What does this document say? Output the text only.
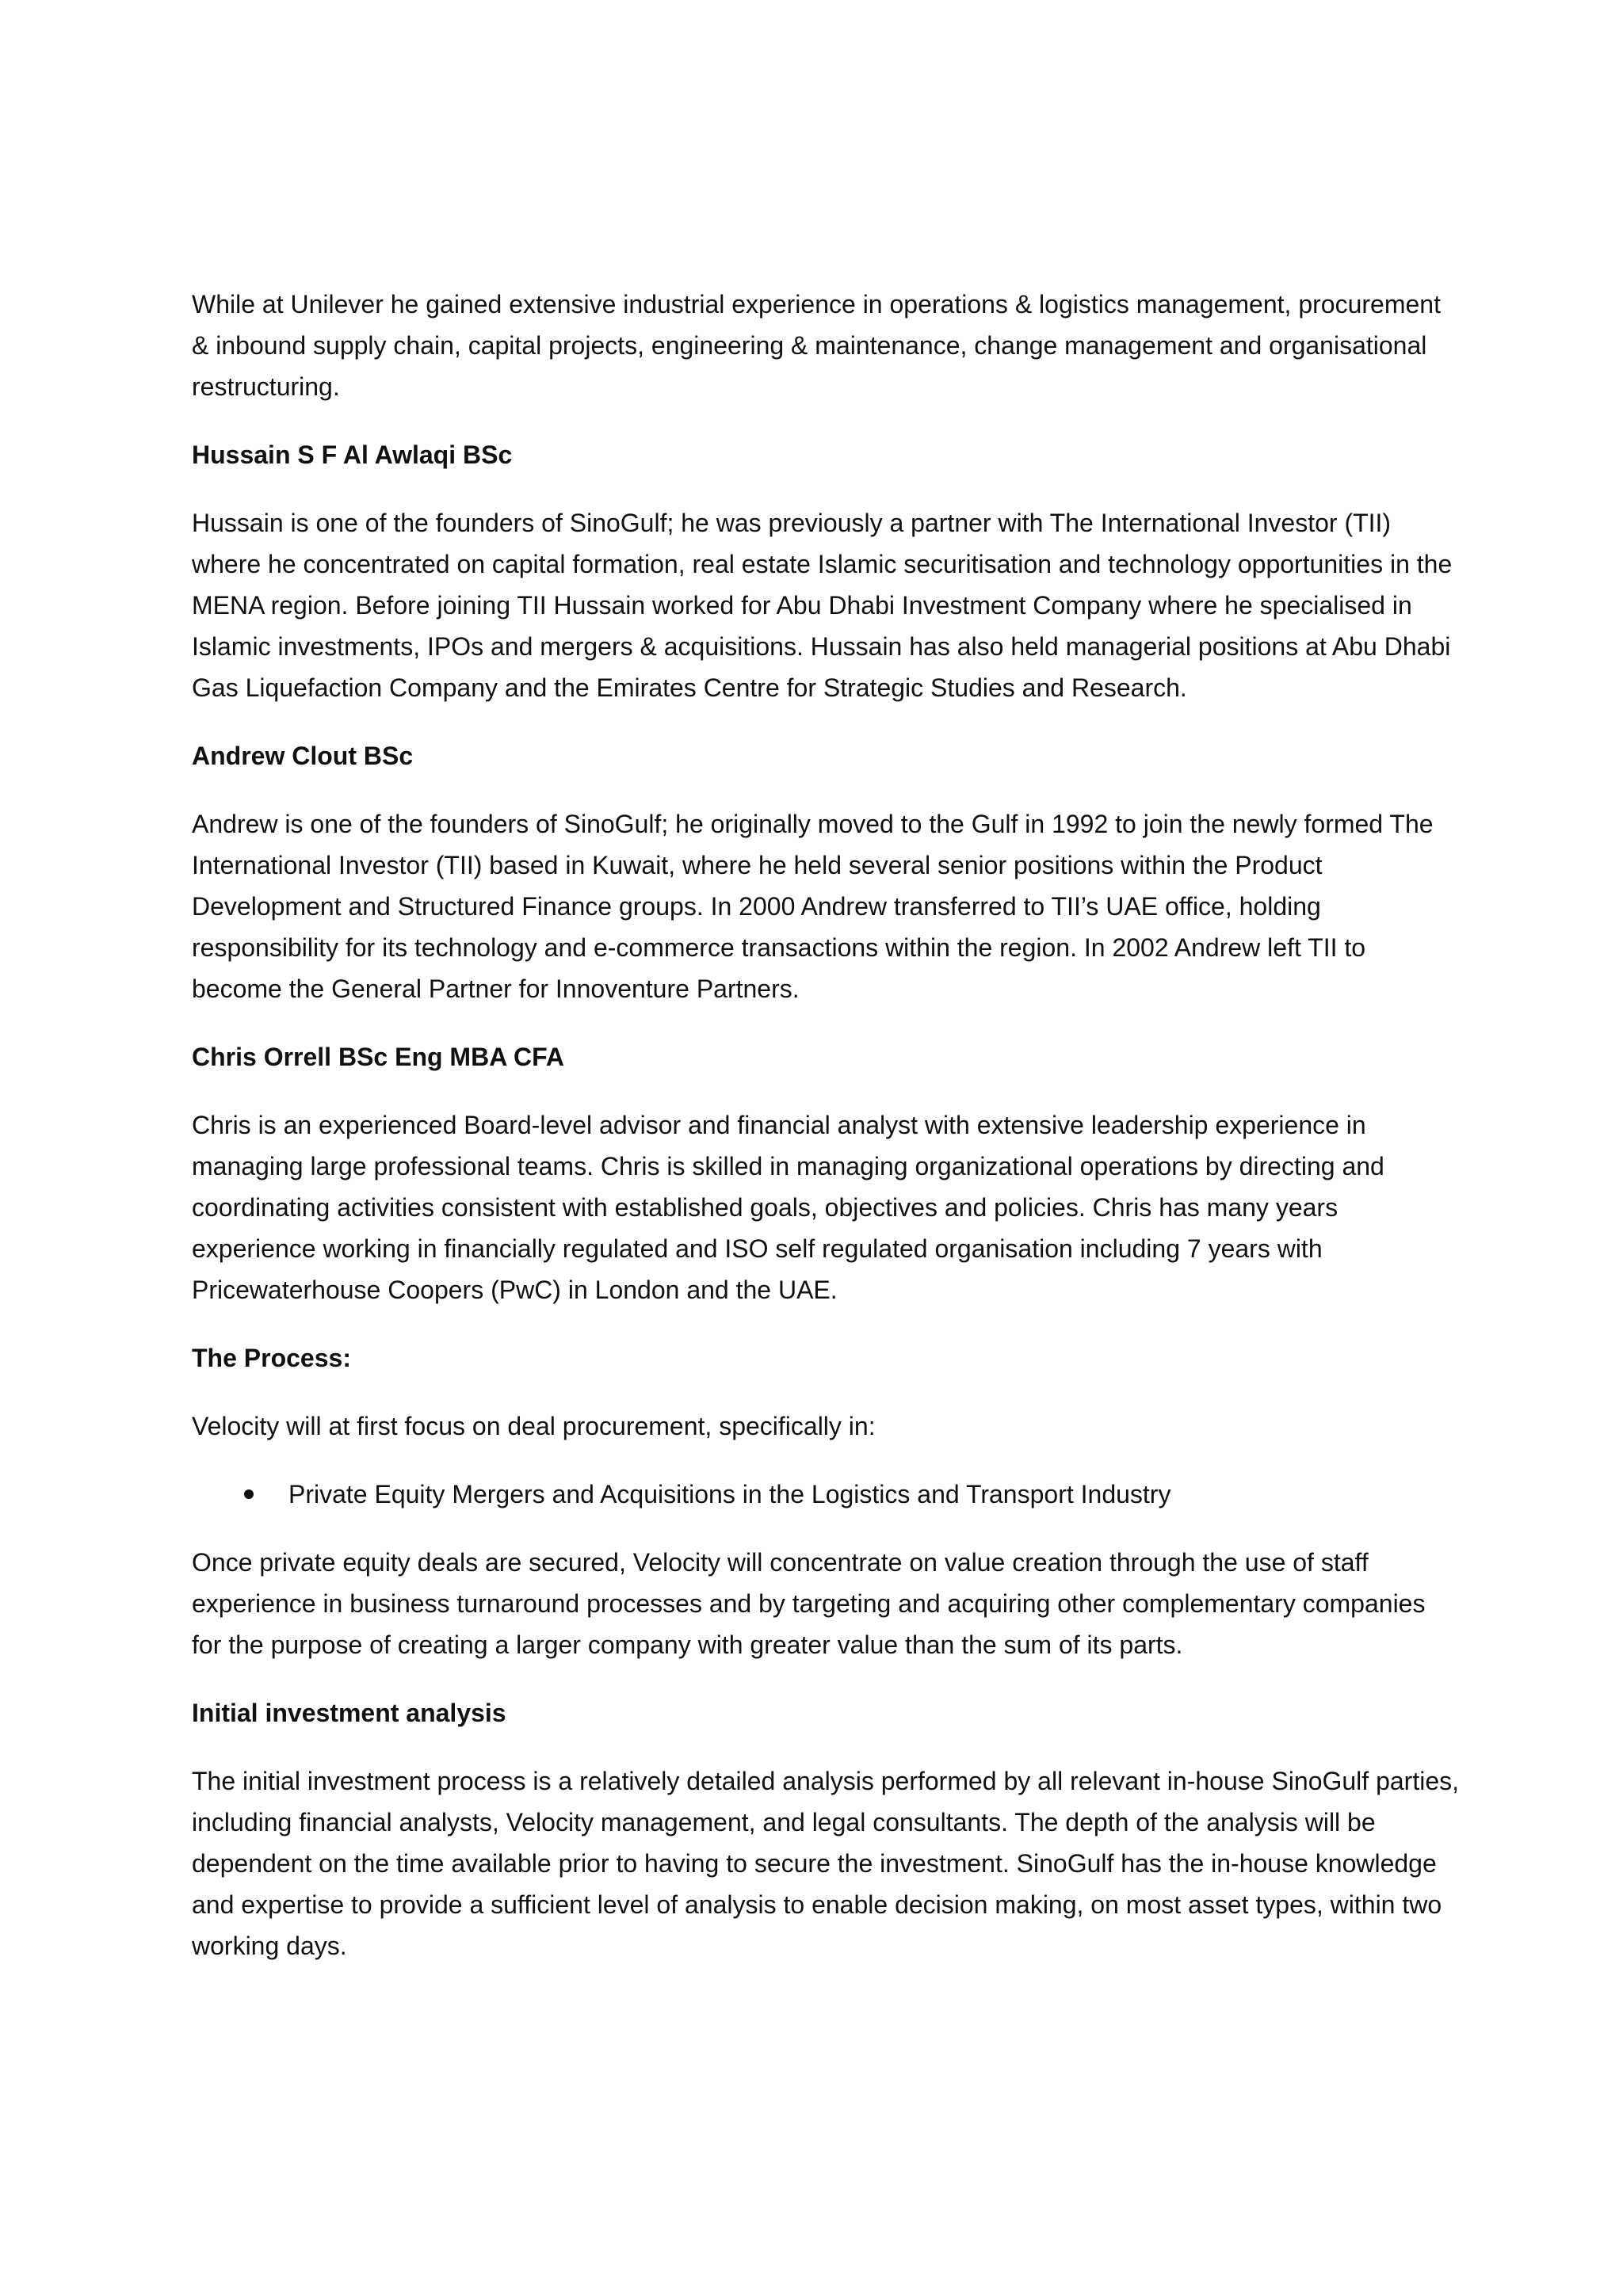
While at Unilever he gained extensive industrial experience in operations & logistics management, procurement & inbound supply chain, capital projects, engineering & maintenance, change management and organisational restructuring.

Hussain S F Al Awlaqi BSc

Hussain is one of the founders of SinoGulf; he was previously a partner with The International Investor (TII) where he concentrated on capital formation, real estate Islamic securitisation and technology opportunities in the MENA region. Before joining TII Hussain worked for Abu Dhabi Investment Company where he specialised in Islamic investments, IPOs and mergers & acquisitions. Hussain has also held managerial positions at Abu Dhabi Gas Liquefaction Company and the Emirates Centre for Strategic Studies and Research.

Andrew Clout BSc

Andrew is one of the founders of SinoGulf; he originally moved to the Gulf in 1992 to join the newly formed The International Investor (TII) based in Kuwait, where he held several senior positions within the Product Development and Structured Finance groups. In 2000 Andrew transferred to TII’s UAE office, holding responsibility for its technology and e-commerce transactions within the region. In 2002 Andrew left TII to become the General Partner for Innoventure Partners.

Chris Orrell BSc Eng MBA CFA

Chris is an experienced Board-level advisor and financial analyst with extensive leadership experience in managing large professional teams. Chris is skilled in managing organizational operations by directing and coordinating activities consistent with established goals, objectives and policies. Chris has many years experience working in financially regulated and ISO self regulated organisation including 7 years with Pricewaterhouse Coopers (PwC) in London and the UAE.

The Process:

Velocity will at first focus on deal procurement, specifically in:

Private Equity Mergers and Acquisitions in the Logistics and Transport Industry

Once private equity deals are secured, Velocity will concentrate on value creation through the use of staff experience in business turnaround processes and by targeting and acquiring other complementary companies for the purpose of creating a larger company with greater value than the sum of its parts.

Initial investment analysis

The initial investment process is a relatively detailed analysis performed by all relevant in-house SinoGulf parties, including financial analysts, Velocity management, and legal consultants. The depth of the analysis will be dependent on the time available prior to having to secure the investment. SinoGulf has the in-house knowledge and expertise to provide a sufficient level of analysis to enable decision making, on most asset types, within two working days.
